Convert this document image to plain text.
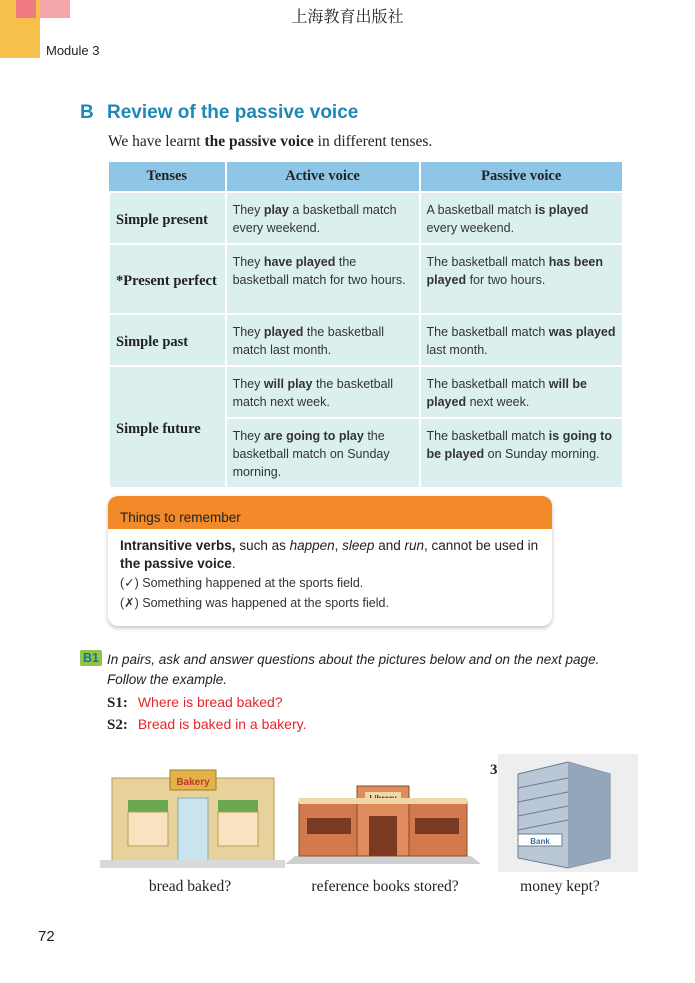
上海教育出版社
Module 3
B Review of the passive voice
We have learnt the passive voice in different tenses.
Tenses	Active voice	Passive voice
Simple present	They play a basketball match every weekend.	A basketball match is played every weekend.
*Present perfect	They have played the basketball match for two hours.	The basketball match has been played for two hours.
Simple past	They played the basketball match last month.	The basketball match was played last month.
Simple future	They will play the basketball match next week.	The basketball match will be played next week.
	They are going to play the basketball match on Sunday morning.	The basketball match is going to be played on Sunday morning.
Things to remember
Intransitive verbs, such as happen, sleep and run, cannot be used in
the passive voice.
(✓) Something happened at the sports field.
(✗) Something was happened at the sports field.
B1 In pairs, ask and answer questions about the pictures below and on the next page. Follow the example.
S1: Where is bread baked?
S2: Bread is baked in a bakery.
Bakery
bread baked?	reference books stored?
3
Bank
money kept?
72
